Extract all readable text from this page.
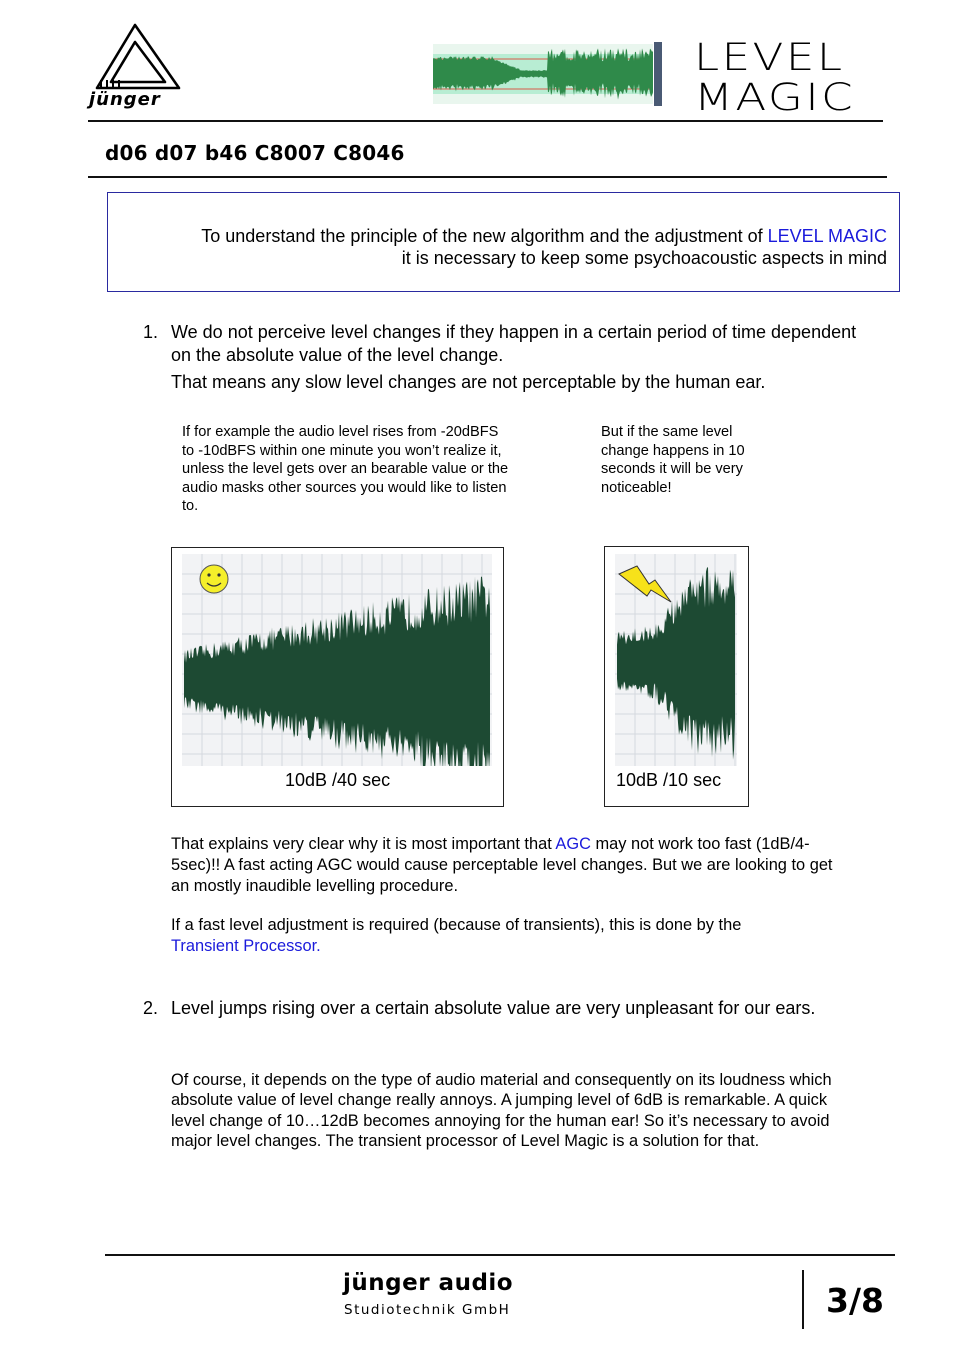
jünger
LEVEL
MAGIC
d06 d07 b46 C8007 C8046
To understand the principle of the new algorithm and the adjustment of LEVEL MAGIC
it is necessary to keep some psychoacoustic aspects in mind
1. We do not perceive level changes if they happen in a certain period of time dependent on the absolute value of the level change.
That means any slow level changes are not perceptable by the human ear.
If for example the audio level rises from -20dBFS to -10dBFS within one minute you won’t realize it, unless the level gets over an bearable value or the audio masks other sources you would like to listen to.
But if the same level change happens in 10 seconds it will be very noticeable!
10dB /40 sec	10dB /10 sec
That explains very clear why it is most important that AGC may not work too fast (1dB/4-5sec)!! A fast acting AGC would cause perceptable level changes. But we are looking to get an mostly inaudible levelling procedure.
If a fast level adjustment is required (because of transients), this is done by the
Transient Processor.
2. Level jumps rising over a certain absolute value are very unpleasant for our ears.
Of course, it depends on the type of audio material and consequently on its loudness which absolute value of level change really annoys. A jumping level of 6dB is remarkable. A quick level change of 10…12dB becomes annoying for the human ear! So it’s necessary to avoid major level changes. The transient processor of Level Magic is a solution for that.
jünger audio
Studiotechnik GmbH	3/8
